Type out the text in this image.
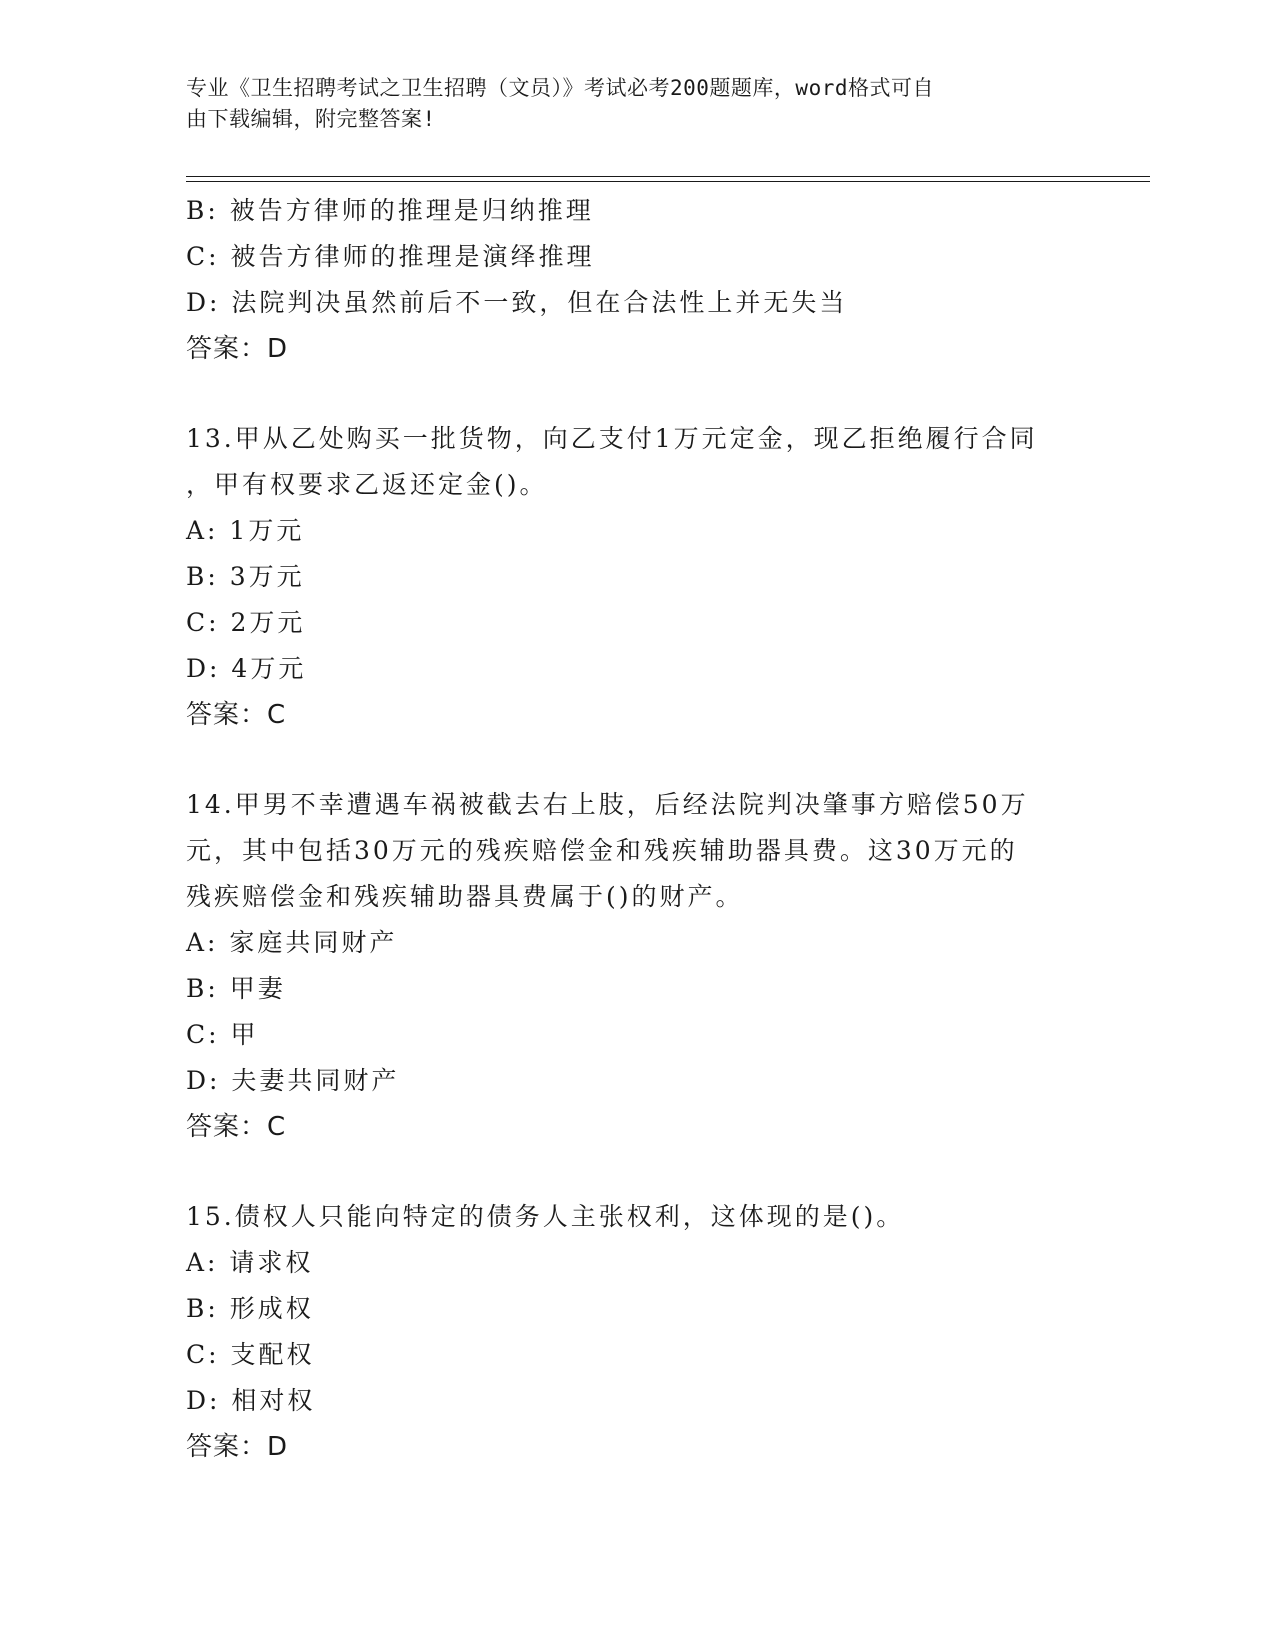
专业《卫生招聘考试之卫生招聘（文员）》考试必考200题题库，word格式可自
由下载编辑，附完整答案!
B: 被告方律师的推理是归纳推理
C: 被告方律师的推理是演绎推理
D: 法院判决虽然前后不一致，但在合法性上并无失当
答案：D
13.甲从乙处购买一批货物，向乙支付1万元定金，现乙拒绝履行合同
，甲有权要求乙返还定金()。
A: 1万元
B: 3万元
C: 2万元
D: 4万元
答案：C
14.甲男不幸遭遇车祸被截去右上肢，后经法院判决肇事方赔偿50万
元，其中包括30万元的残疾赔偿金和残疾辅助器具费。这30万元的
残疾赔偿金和残疾辅助器具费属于()的财产。
A: 家庭共同财产
B: 甲妻
C: 甲
D: 夫妻共同财产
答案：C
15.债权人只能向特定的债务人主张权利，这体现的是()。
A: 请求权
B: 形成权
C: 支配权
D: 相对权
答案：D
